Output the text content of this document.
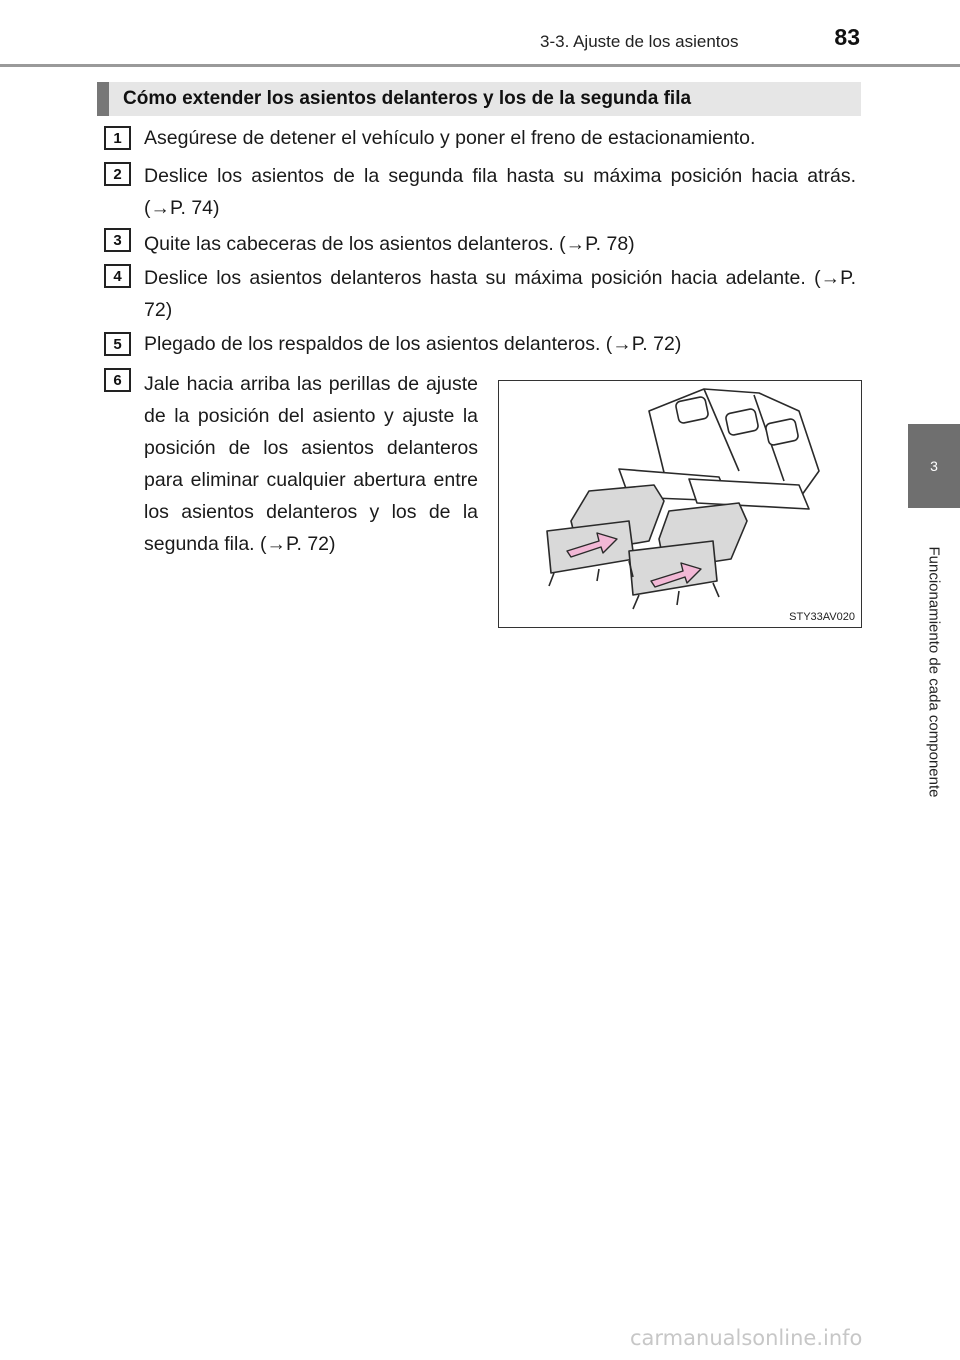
3-3. Ajuste de los asientos	83
3
Funcionamiento de cada componente
Cómo extender los asientos delanteros y los de la segunda fila
1	Asegúrese de detener el vehículo y poner el freno de estacionamiento.
2	Deslice los asientos de la segunda fila hasta su máxima posición hacia atrás. (→P. 74)
3	Quite las cabeceras de los asientos delanteros. (→P. 78)
4	Deslice los asientos delanteros hasta su máxima posición hacia adelante. (→P. 72)
5	Plegado de los respaldos de los asientos delanteros. (→P. 72)
6	Jale hacia arriba las perillas de ajuste de la posición del asiento y ajuste la posición de los asientos delanteros para eliminar cualquier abertura entre los asientos delanteros y los de la segunda fila. (→P. 72)
STY33AV020
carmanualsonline.info
